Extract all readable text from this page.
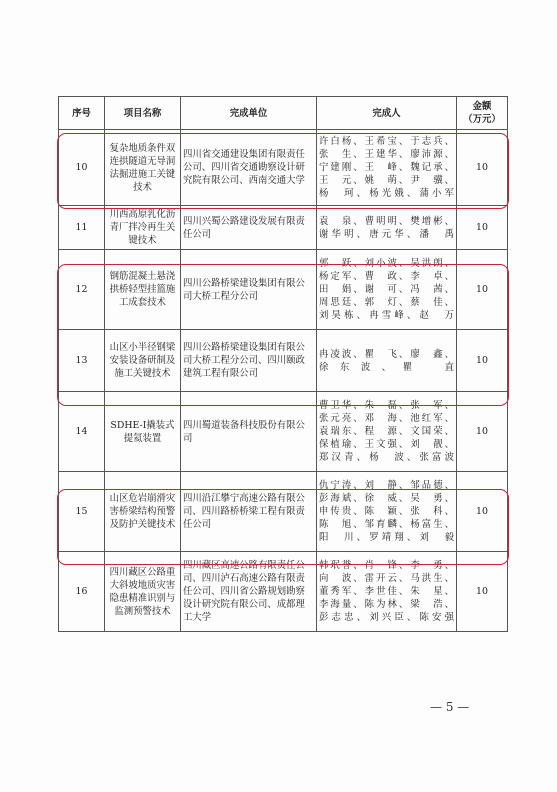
序号	项目名称	完成单位	完成人	金额
（万元）
10	复杂地质条件双连拱隧道无导洞法掘进施工关键技术	四川省交通建设集团有限责任公司、四川省交通勘察设计研究院有限公司、西南交通大学	许白杨、王希宝、于志兵、
张　生、王建华、廖沛源、
宁建刚、王　峰、魏记承、
王　元、姚　萌、尹　骥、
杨　珂、杨光娥、蒲小军	10
11	川西高原乳化沥青厂拌冷再生关键技术	四川兴蜀公路建设发展有限责任公司	袁　泉、曹明明、樊增彬、
谢华明、唐元华、潘　禹	10
12	钢筋混凝土悬浇拱桥轻型挂篮施工成套技术	四川公路桥梁建设集团有限公司大桥工程分公司	郭　跃、刘小波、吴洪朗、
杨定军、曹　政、李　卓、
田　娟、谢　可、冯　茜、
周思廷、郭　灯、蔡　佳、
刘昊栋、冉雪峰、赵　万	10
13	山区小半径钢梁安装设备研制及施工关键技术	四川公路桥梁建设集团有限公司大桥工程分公司、四川颐政建筑工程有限公司	冉凌波、瞿　飞、廖　鑫、
徐东波、瞿　直	10
14	SDHE-I撬装式提氦装置	四川蜀道装备科技股份有限公司	曹卫华、朱　磊、张　军、
张元亮、邓　海、池红军、
袁瑞东、程　源、文国荣、
保植瑜、王文强、刘　靓、
郑汉青、杨　波、张富波	10
15	山区危岩崩滑灾害桥梁结构预警及防护关键技术	四川沿江攀宁高速公路有限公司、四川路桥桥梁工程有限责任公司	仇宁涛、刘　静、邹品德、
彭海斌、徐　威、吴　勇、
申传贵、陈　颖、张　科、
陈　旭、邹育麟、杨富生、
阳　川、罗靖翔、刘　毅	10
16	四川藏区公路重大斜坡地质灾害隐患精准识别与监测预警技术	四川藏区高速公路有限责任公司、四川泸石高速公路有限责任公司、四川省公路规划勘察设计研究院有限公司、成都理工大学	韩珉誉、肖　锋、李　勇、
向　波、雷开云、马洪生、
董秀军、李世佳、朱　星、
李海量、陈为林、梁　浩、
彭志忠、刘兴臣、陈安强	10
— 5 —
